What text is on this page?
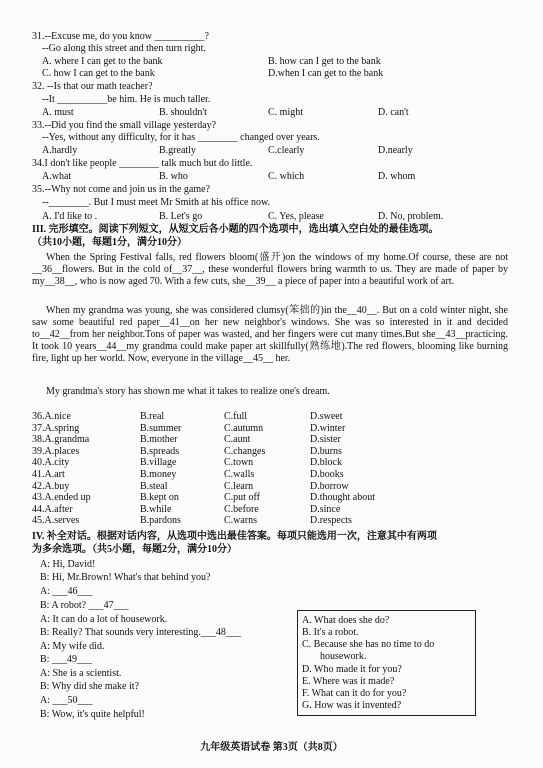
31.--Excuse me, do you know __________?
--Go along this street and then turn right.
A. where I can get to the bank	B. how can I get to the bank
C. how I can get to the bank	D.when I can get to the bank
32. --Is that our math teacher?
--It __________be him. He is much taller.
A. must	B. shouldn't	C. might	D. can't
33.--Did you find the small village yesterday?
--Yes, without any difficulty, for it has ________ changed over years.
A.hardly	B.greatly	C.clearly	D.nearly
34.I don't like people ________ talk much but do little.
A.what	B. who	C. which	D. whom
35.--Why not come and join us in the game?
--________. But I must meet Mr Smith at his office now.
A. I'd like to .	B. Let's go	C. Yes, please	D. No, problem.
III. 完形填空。阅读下列短文，从短文后各小题的四个选项中，选出填入空白处的最佳选项。
（共10小题，每题1分，满分10分）

When the Spring Festival falls, red flowers bloom(盛开)on the windows of my home.Of course, these are not __36__flowers. But in the cold of__37__, these wonderful flowers bring warmth to us. They are made of paper by my__38__, who is now aged 70. With a few cuts, she__39__ a piece of paper into a beautiful work of art.

When my grandma was young, she was considered clumsy(笨拙的)in the__40__. But on a cold winter night, she saw some beautiful red paper__41__on her new neighbor's windows. She was so interested in it and decided to__42__from her neighbor.Tons of paper was wasted, and her fingers were cut many times.But she__43__practicing. It took 10 years__44__my grandma could make paper art skillfully(熟练地).The red flowers, blooming like burning fire, light up her world. Now, everyone in the village__45__ her.

My grandma's story has shown me what it takes to realize one's dream.

36.A.nice	B.real	C.full	D.sweet
37.A.spring	B.summer	C.autumn	D.winter
38.A.grandma	B.mother	C.aunt	D.sister
39.A.places	B.spreads	C.changes	D.burns
40.A.city	B.village	C.town	D.block
41.A.art	B.money	C.walls	D.books
42.A.buy	B.steal	C.learn	D.borrow
43.A.ended up	B.kept on	C.put off	D.thought about
44.A.after	B.while	C.before	D.since
45.A.serves	B.pardons	C.warns	D.respects
IV. 补全对话。根据对话内容，从选项中选出最佳答案。每项只能选用一次，注意其中有两项
为多余选项。（共5小题，每题2分，满分10分）
A: Hi, David!
B: Hi, Mr.Brown! What's that behind you?
A: ___46___
B: A robot? ___47___
A: It can do a lot of housework.
B: Really? That sounds very interesting.___48___
A: My wife did.
B: ___49___
A: She is a scientist.
B: Why did she make it?
A: ___50___
B: Wow, it's quite helpful!
A. What does she do?
B. It's a robot.
C. Because she has no time to do
housework.
D. Who made it for you?
E. Where was it made?
F. What can it do for you?
G. How was it invented?
九年级英语试卷 第3页（共8页）
